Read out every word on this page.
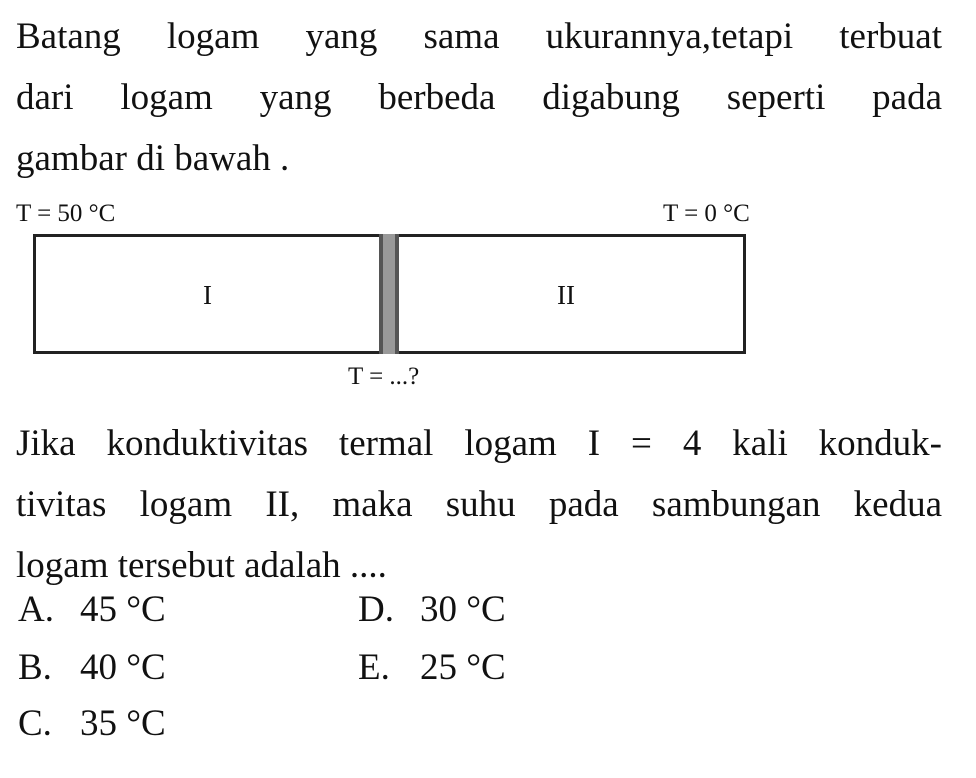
Batang logam yang sama ukurannya,tetapi terbuat
dari logam yang berbeda digabung seperti pada
gambar di bawah .
T = 50 °C	T = 0 °C
I	II
T = ...?
Jika konduktivitas termal logam I = 4 kali konduk-
tivitas logam II, maka suhu pada sambungan kedua
logam tersebut adalah ....
A. 45 °C
B. 40 °C
C. 35 °C
D. 30 °C
E. 25 °C
